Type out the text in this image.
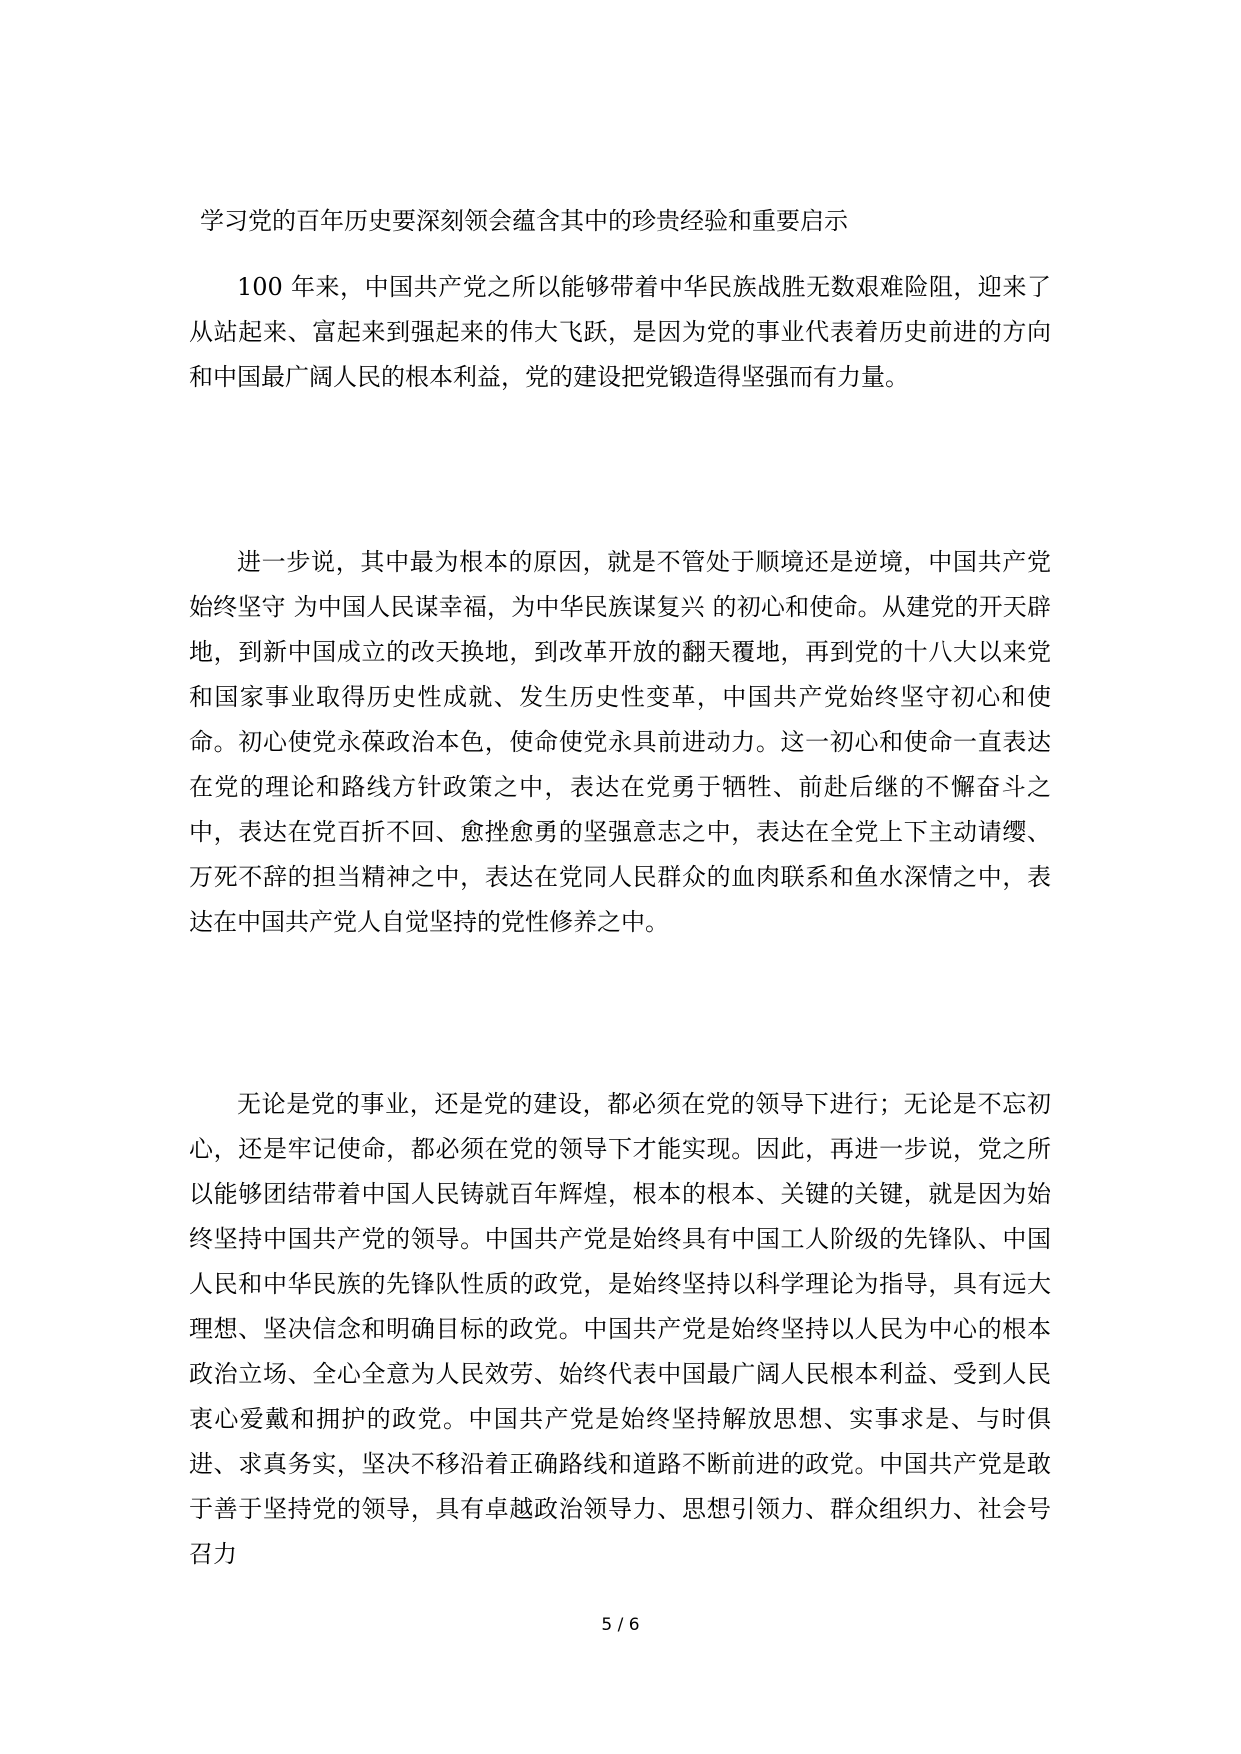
学习党的百年历史要深刻领会蕴含其中的珍贵经验和重要启示

100 年来，中国共产党之所以能够带着中华民族战胜无数艰难险阻，迎来了从站起来、富起来到强起来的伟大飞跃，是因为党的事业代表着历史前进的方向和中国最广阔人民的根本利益，党的建设把党锻造得坚强而有力量。

进一步说，其中最为根本的原因，就是不管处于顺境还是逆境，中国共产党始终坚守 为中国人民谋幸福，为中华民族谋复兴 的初心和使命。从建党的开天辟地，到新中国成立的改天换地，到改革开放的翻天覆地，再到党的十八大以来党和国家事业取得历史性成就、发生历史性变革，中国共产党始终坚守初心和使命。初心使党永葆政治本色，使命使党永具前进动力。这一初心和使命一直表达在党的理论和路线方针政策之中，表达在党勇于牺牲、前赴后继的不懈奋斗之中，表达在党百折不回、愈挫愈勇的坚强意志之中，表达在全党上下主动请缨、万死不辞的担当精神之中，表达在党同人民群众的血肉联系和鱼水深情之中，表达在中国共产党人自觉坚持的党性修养之中。

无论是党的事业，还是党的建设，都必须在党的领导下进行；无论是不忘初心，还是牢记使命，都必须在党的领导下才能实现。因此，再进一步说，党之所以能够团结带着中国人民铸就百年辉煌，根本的根本、关键的关键，就是因为始终坚持中国共产党的领导。中国共产党是始终具有中国工人阶级的先锋队、中国人民和中华民族的先锋队性质的政党，是始终坚持以科学理论为指导，具有远大理想、坚决信念和明确目标的政党。中国共产党是始终坚持以人民为中心的根本政治立场、全心全意为人民效劳、始终代表中国最广阔人民根本利益、受到人民衷心爱戴和拥护的政党。中国共产党是始终坚持解放思想、实事求是、与时俱进、求真务实，坚决不移沿着正确路线和道路不断前进的政党。中国共产党是敢于善于坚持党的领导，具有卓越政治领导力、思想引领力、群众组织力、社会号召力

5 / 6
